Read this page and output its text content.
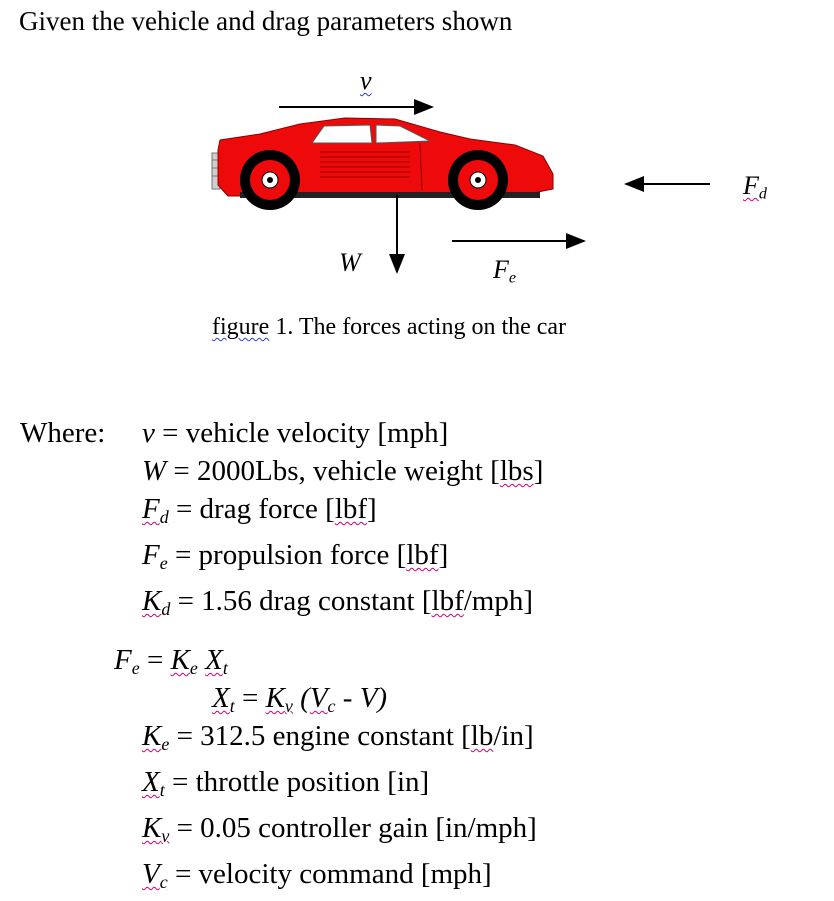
Given the vehicle and drag parameters shown
v
W	$F_e$
$F_d$
figure 1. The forces acting on the car
Where: v = vehicle velocity [mph]
W = 2000Lbs, vehicle weight [lbs]
$F_d$ = drag force [lbf]
$F_e$ = propulsion force [lbf]
$K_d = 1.56$ drag constant [lbf/mph]
$F_e = K_e$ $X_t$
$X_t = K_v$ $(V_c - V)$
$K_e = 312.5$ engine constant [lb/in]
$X_t$ = throttle position [in]
$K_v = 0.05$ controller gain [in/mph]
$V_c$ = velocity command [mph]
